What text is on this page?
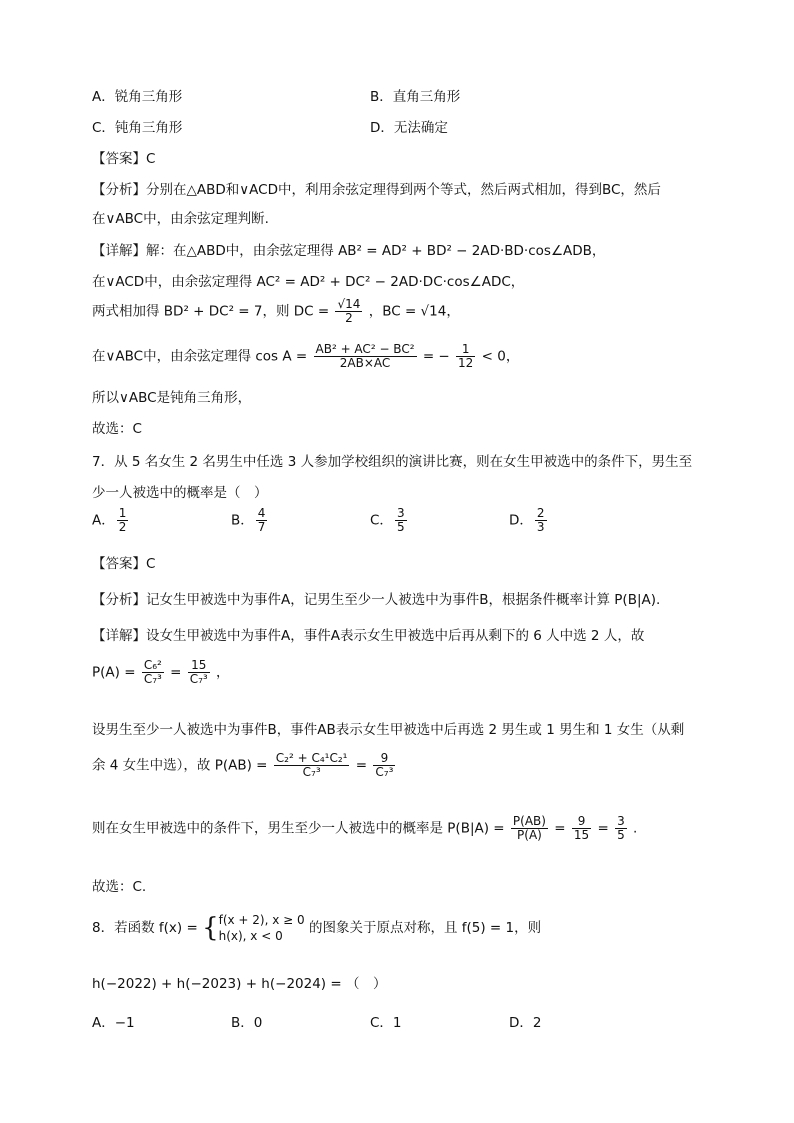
A．锐角三角形	B．直角三角形
C．钝角三角形	D．无法确定
【答案】C
【分析】分别在△ABD和∨ACD中，利用余弦定理得到两个等式，然后两式相加，得到BC，然后
在∨ABC中，由余弦定理判断.
【详解】解：在△ABD中，由余弦定理得 AB² = AD² + BD² − 2AD·BD·cos∠ADB，
在∨ACD中，由余弦定理得 AC² = AD² + DC² − 2AD·DC·cos∠ADC，
两式相加得 BD² + DC² = 7，则 DC = $\frac{√14}{2}$ ，BC = √14，
在∨ABC中，由余弦定理得 $\cos A = \frac{\text{AB² + AC² − BC²}}{2AB\times AC}$ = − $\frac{1}{12} < 0$，
所以∨ABC是钝角三角形，
故选：C
7．从 5 名女生 2 名男生中任选 3 人参加学校组织的演讲比赛，则在女生甲被选中的条件下，男生至
少一人被选中的概率是（　）
A． $\frac{1}{2}$	B． $\frac{4}{7}$	C． $\frac{3}{5}$	D． $\frac{2}{3}$
【答案】C
【分析】记女生甲被选中为事件A，记男生至少一人被选中为事件B，根据条件概率计算 P(B|A).
【详解】设女生甲被选中为事件A，事件A表示女生甲被选中后再从剩下的 6 人中选 2 人，故
$P(A) = \frac{\text{C₆²}}{\text{C₇³}} = \frac{15}{\text{C₇³}}$ ，
设男生至少一人被选中为事件B，事件AB表示女生甲被选中后再选 2 男生或 1 男生和 1 女生（从剩
余 4 女生中选），故 $P(AB) = \frac{\text{C₂² + C₄¹C₂¹}}{\text{C₇³}} = \frac{9}{\text{C₇³}}$
则在女生甲被选中的条件下，男生至少一人被选中的概率是 $P(B|A) = \frac{P(AB)}{P(A)} = \frac{9}{15} = \frac{3}{5}$ .
故选：C.
8．若函数 f(x) = { f(x + 2), x ≥ 0
h(x), x < 0	的图象关于原点对称，且 f(5) = 1，则
h(−2022) + h(−2023) + h(−2024) = （　）
A．−1	B．0	C．1	D．2
